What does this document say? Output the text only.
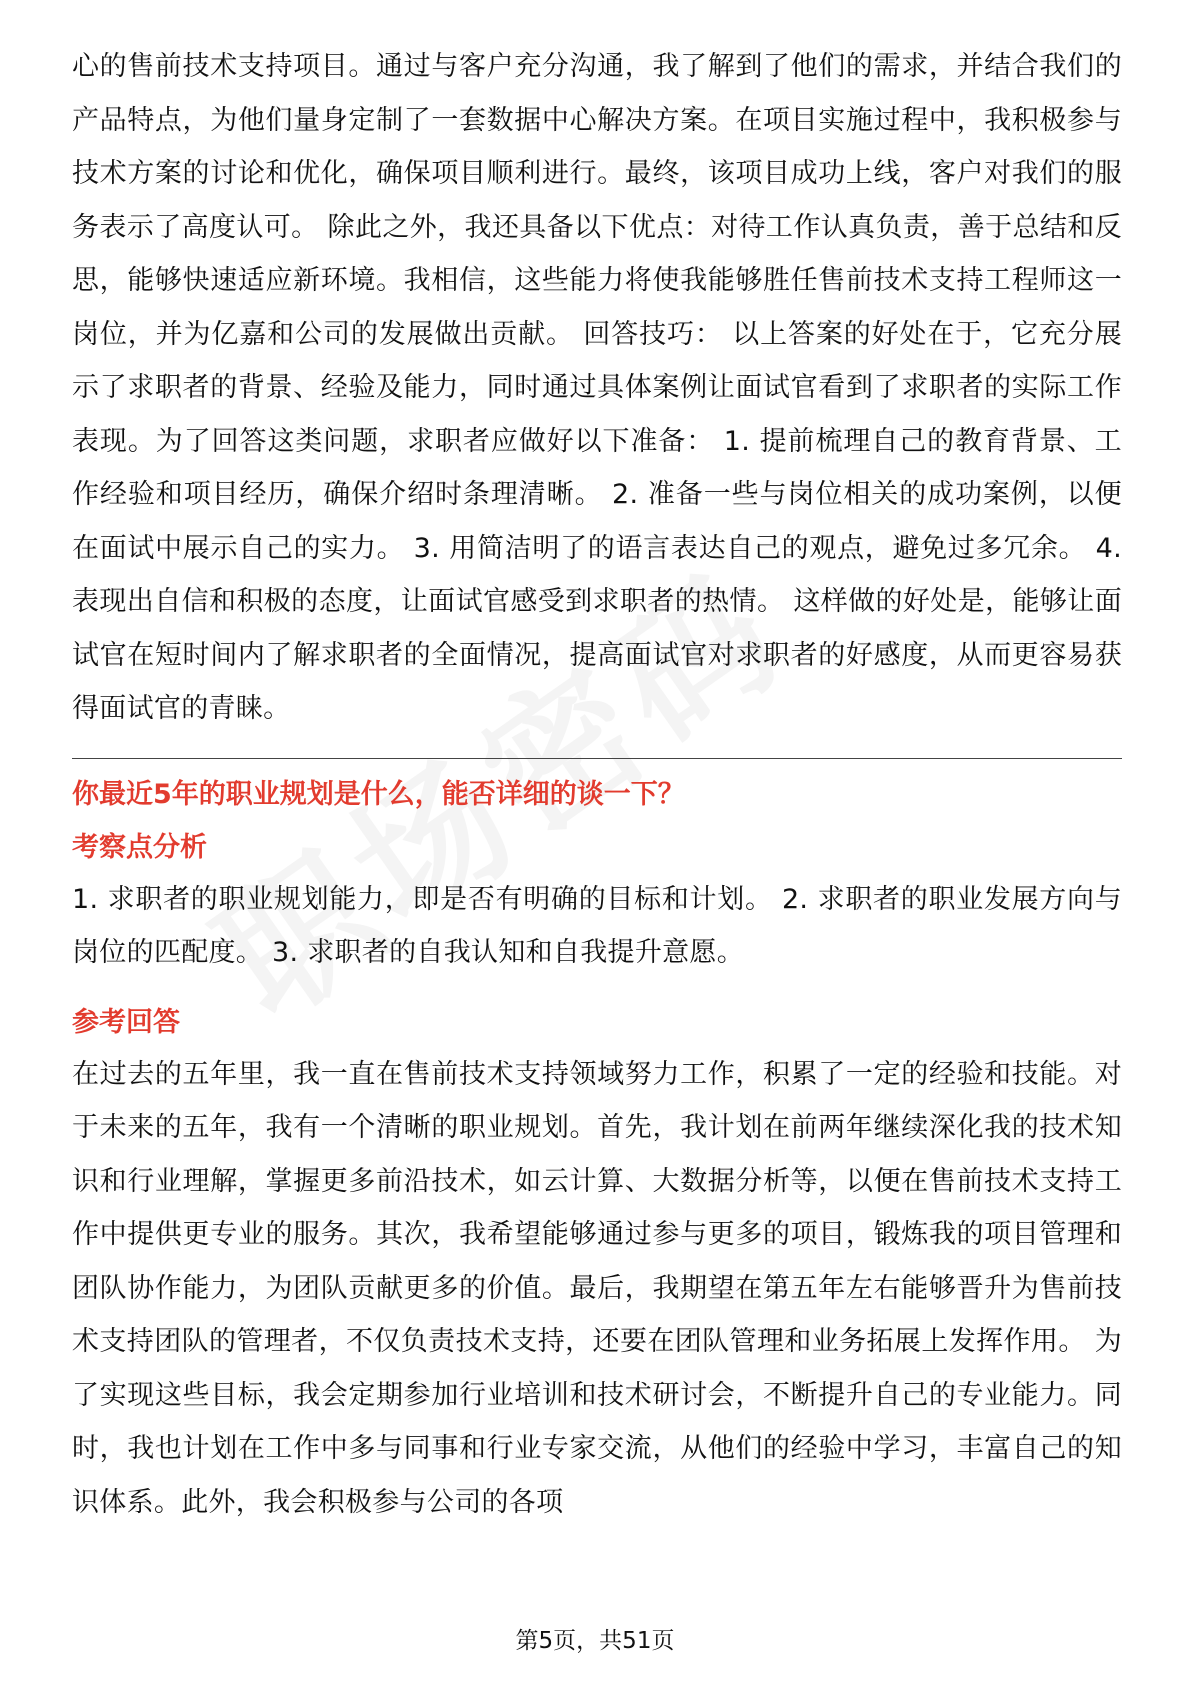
心的售前技术支持项目。通过与客户充分沟通，我了解到了他们的需求，并结合我们的产品特点，为他们量身定制了一套数据中心解决方案。在项目实施过程中，我积极参与技术方案的讨论和优化，确保项目顺利进行。最终，该项目成功上线，客户对我们的服务表示了高度认可。 除此之外，我还具备以下优点：对待工作认真负责，善于总结和反思，能够快速适应新环境。我相信，这些能力将使我能够胜任售前技术支持工程师这一岗位，并为亿嘉和公司的发展做出贡献。 回答技巧： 以上答案的好处在于，它充分展示了求职者的背景、经验及能力，同时通过具体案例让面试官看到了求职者的实际工作表现。为了回答这类问题，求职者应做好以下准备： 1. 提前梳理自己的教育背景、工作经验和项目经历，确保介绍时条理清晰。 2. 准备一些与岗位相关的成功案例，以便在面试中展示自己的实力。 3. 用简洁明了的语言表达自己的观点，避免过多冗余。 4. 表现出自信和积极的态度，让面试官感受到求职者的热情。 这样做的好处是，能够让面试官在短时间内了解求职者的全面情况，提高面试官对求职者的好感度，从而更容易获得面试官的青睐。

你最近5年的职业规划是什么，能否详细的谈一下？

考察点分析

1. 求职者的职业规划能力，即是否有明确的目标和计划。 2. 求职者的职业发展方向与岗位的匹配度。 3. 求职者的自我认知和自我提升意愿。

参考回答

在过去的五年里，我一直在售前技术支持领域努力工作，积累了一定的经验和技能。对于未来的五年，我有一个清晰的职业规划。首先，我计划在前两年继续深化我的技术知识和行业理解，掌握更多前沿技术，如云计算、大数据分析等，以便在售前技术支持工作中提供更专业的服务。其次，我希望能够通过参与更多的项目，锻炼我的项目管理和团队协作能力，为团队贡献更多的价值。最后，我期望在第五年左右能够晋升为售前技术支持团队的管理者，不仅负责技术支持，还要在团队管理和业务拓展上发挥作用。 为了实现这些目标，我会定期参加行业培训和技术研讨会，不断提升自己的专业能力。同时，我也计划在工作中多与同事和行业专家交流，从他们的经验中学习，丰富自己的知识体系。此外，我会积极参与公司的各项

第5页，共51页
